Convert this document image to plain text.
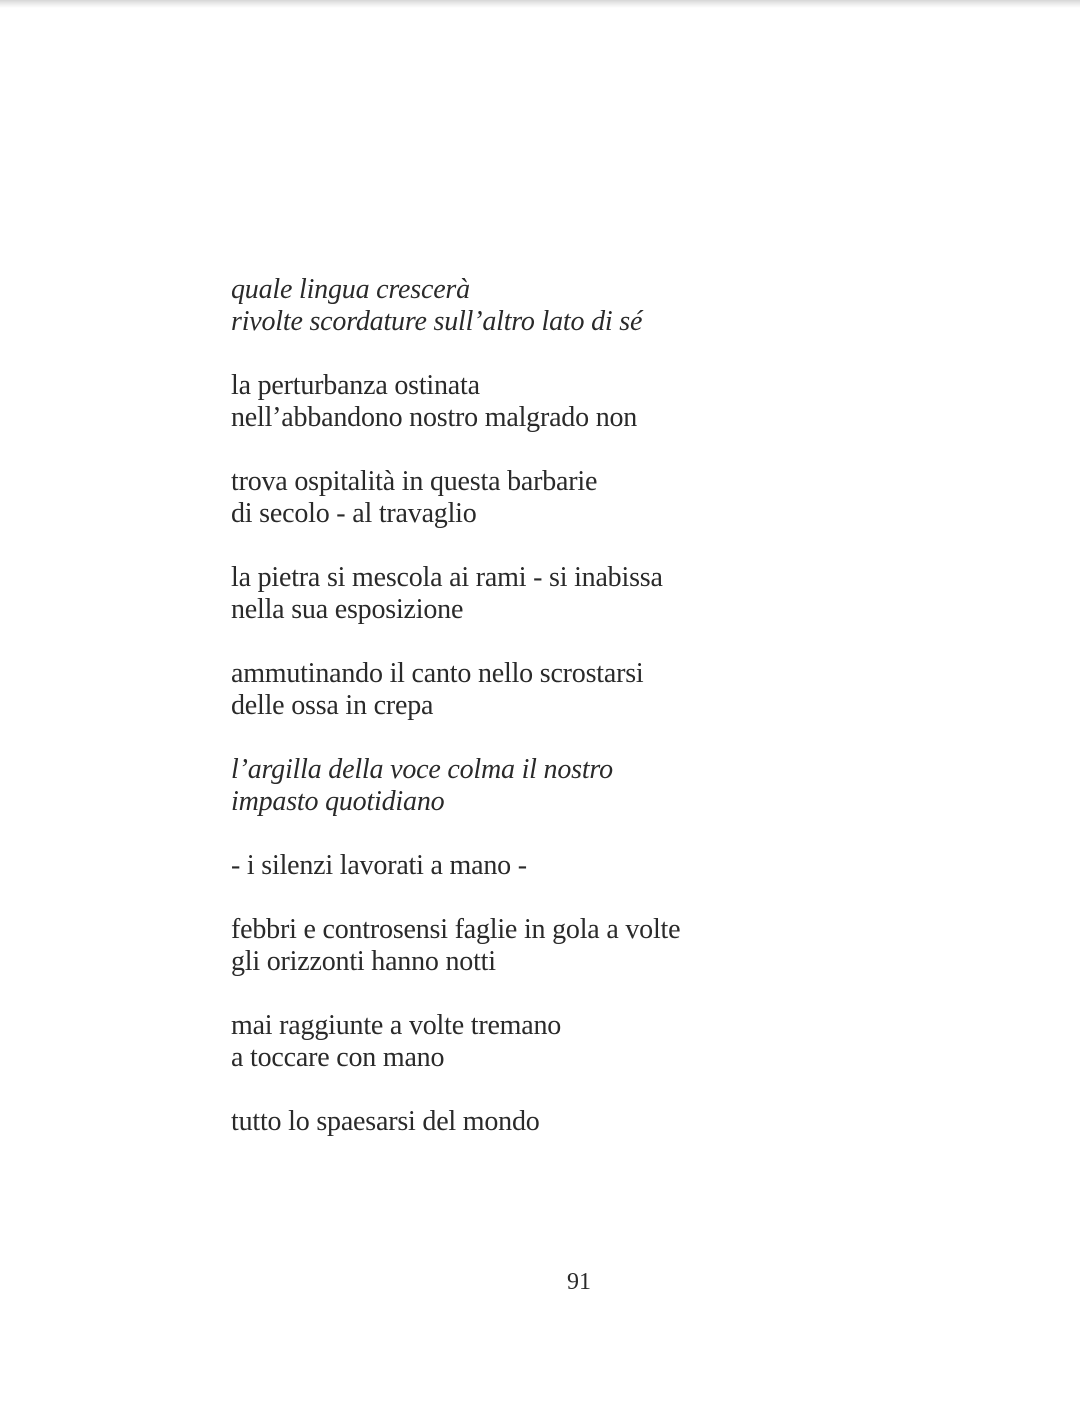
quale lingua crescerà
rivolte scordature sull’altro lato di sé
la perturbanza ostinata
nell’abbandono nostro malgrado non
trova ospitalità in questa barbarie
di secolo - al travaglio
la pietra si mescola ai rami - si inabissa
nella sua esposizione
ammutinando il canto nello scrostarsi
delle ossa in crepa
l’argilla della voce colma il nostro
impasto quotidiano
- i silenzi lavorati a mano -
febbri e controsensi faglie in gola a volte
gli orizzonti hanno notti
mai raggiunte a volte tremano
a toccare con mano
tutto lo spaesarsi del mondo
91
